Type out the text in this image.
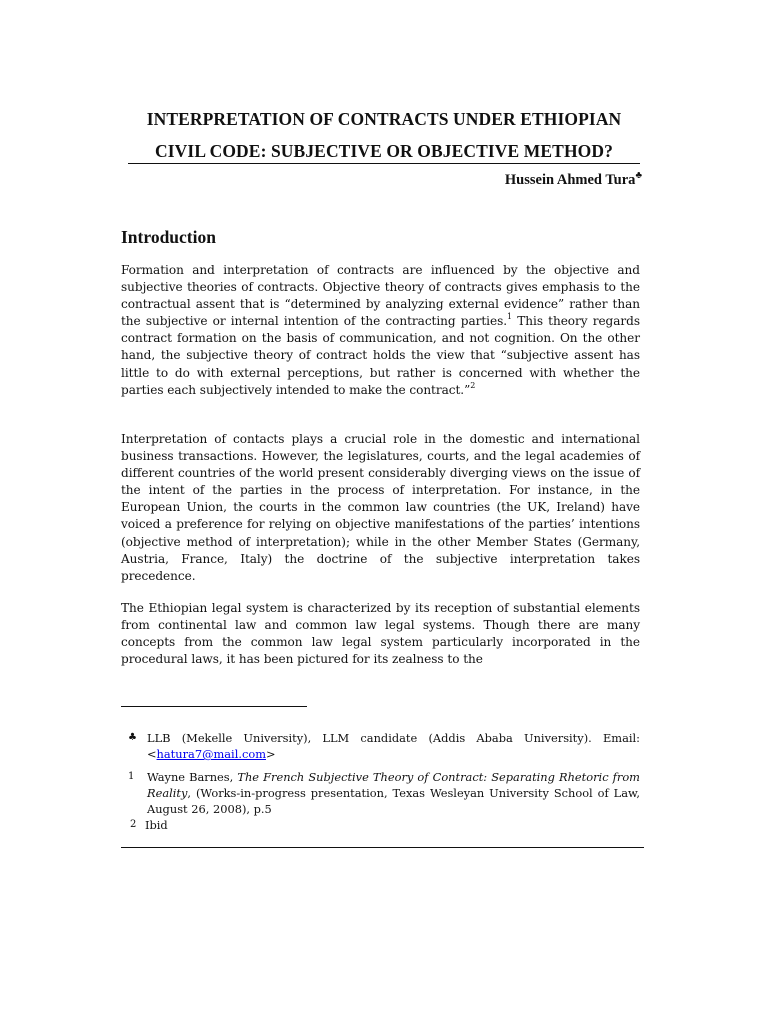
INTERPRETATION OF CONTRACTS UNDER ETHIOPIAN
CIVIL CODE: SUBJECTIVE OR OBJECTIVE METHOD?
Hussein Ahmed Tura♣
Introduction

Formation and interpretation of contracts are influenced by the objective and subjective theories of contracts. Objective theory of contracts gives emphasis to the contractual assent that is “determined by analyzing external evidence” rather than the subjective or internal intention of the contracting parties.$^1$ This theory regards contract formation on the basis of communication, and not cognition. On the other hand, the subjective theory of contract holds the view that “subjective assent has little to do with external perceptions, but rather is concerned with whether the parties each subjectively intended to make the contract.”$^2$

Interpretation of contacts plays a crucial role in the domestic and international business transactions. However, the legislatures, courts, and the legal academies of different countries of the world present considerably diverging views on the issue of the intent of the parties in the process of interpretation. For instance, in the European Union, the courts in the common law countries (the UK, Ireland) have voiced a preference for relying on objective manifestations of the parties’ intentions (objective method of interpretation); while in the other Member States (Germany, Austria, France, Italy) the doctrine of the subjective interpretation takes precedence.

The Ethiopian legal system is characterized by its reception of substantial elements from continental law and common law legal systems. Though there are many concepts from the common law legal system particularly incorporated in the procedural laws, it has been pictured for its zealness to the

♣ LLB (Mekelle University), LLM candidate (Addis Ababa University). Email: <hatura7@mail.com>
1 Wayne Barnes, The French Subjective Theory of Contract: Separating Rhetoric from Reality, (Works-in-progress presentation, Texas Wesleyan University School of Law, August 26, 2008), p.5
2 Ibid
